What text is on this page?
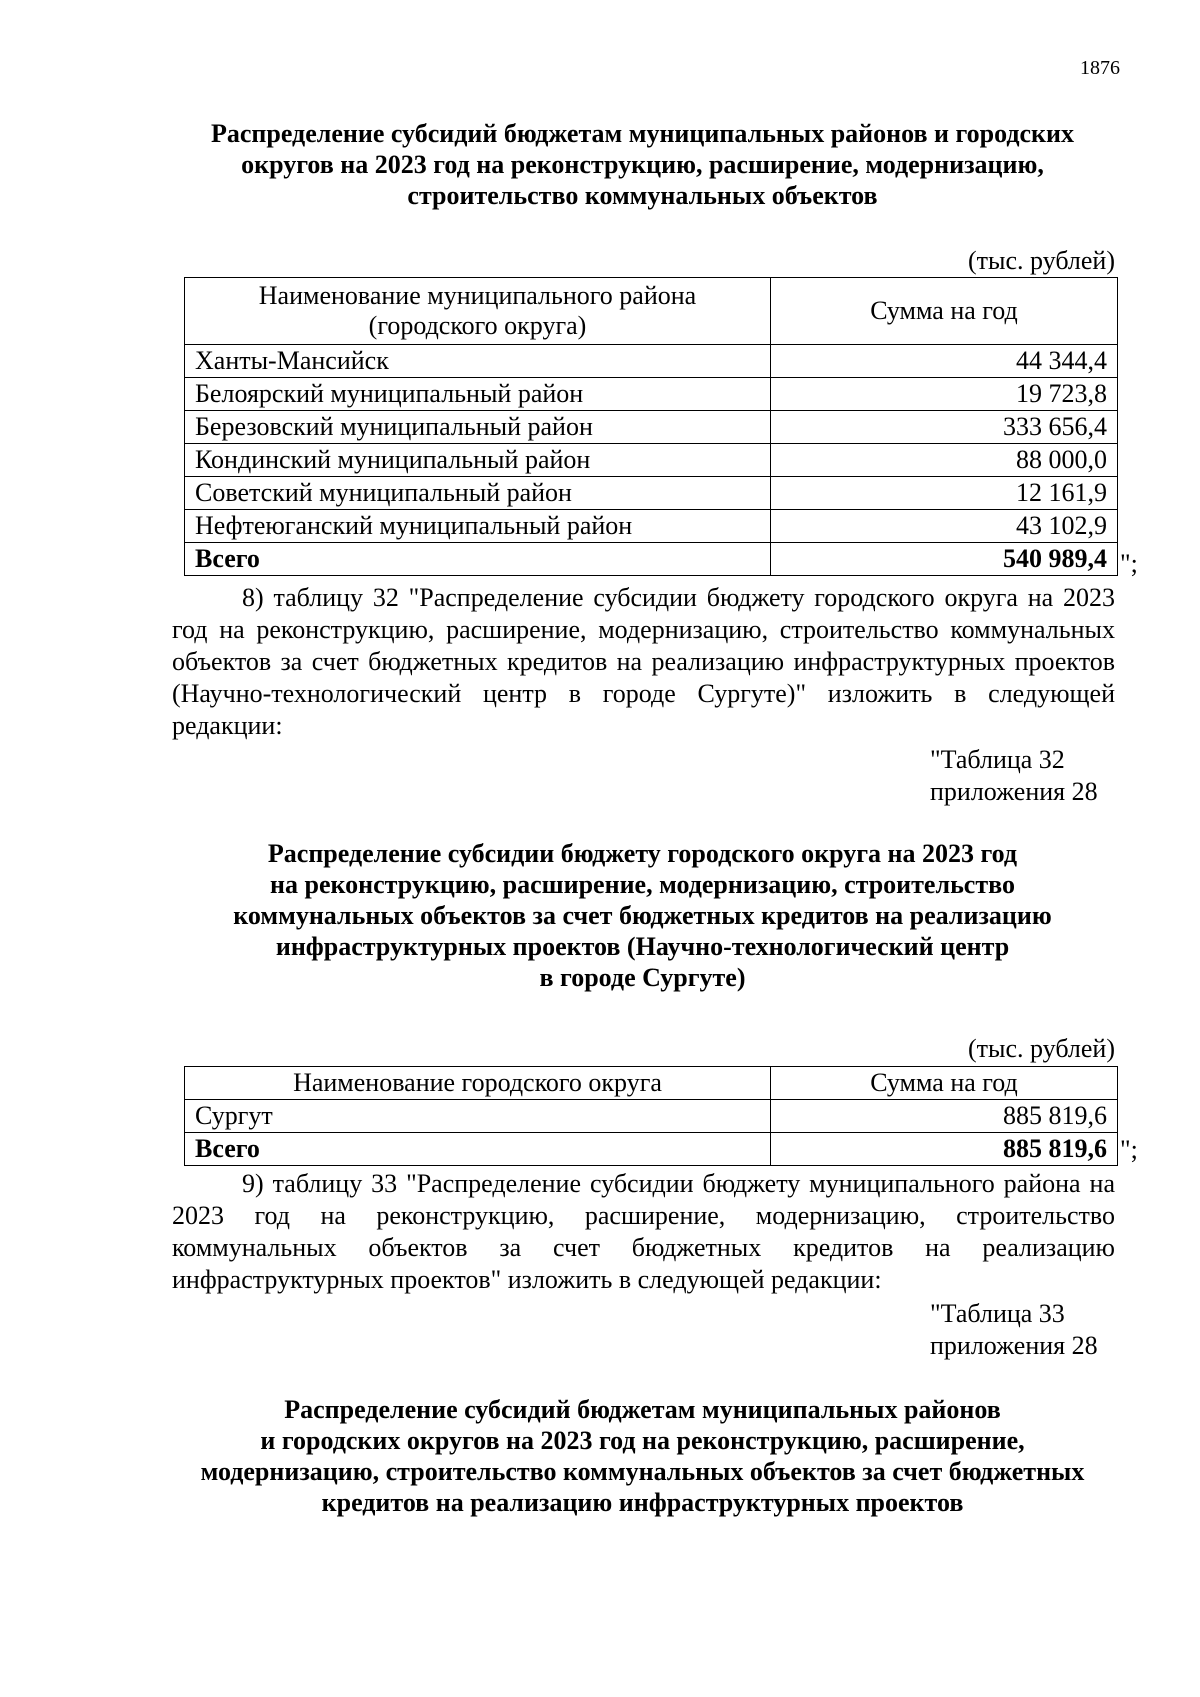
1876
Распределение субсидий бюджетам муниципальных районов и городских
округов на 2023 год на реконструкцию, расширение, модернизацию,
строительство коммунальных объектов
(тыс. рублей)
Наименование муниципального района
(городского округа)	Сумма на год
Ханты-Мансийск	44 344,4
Белоярский муниципальный район	19 723,8
Березовский муниципальный район	333 656,4
Кондинский муниципальный район	88 000,0
Советский муниципальный район	12 161,9
Нефтеюганский муниципальный район	43 102,9
Всего	540 989,4 ";
8) таблицу 32 "Распределение субсидии бюджету городского округа на 2023 год на реконструкцию, расширение, модернизацию, строительство коммунальных объектов за счет бюджетных кредитов на реализацию инфраструктурных проектов (Научно-технологический центр в городе Сургуте)" изложить в следующей редакции:
"Таблица 32
приложения 28
Распределение субсидии бюджету городского округа на 2023 год
на реконструкцию, расширение, модернизацию, строительство
коммунальных объектов за счет бюджетных кредитов на реализацию
инфраструктурных проектов (Научно-технологический центр
в городе Сургуте)
(тыс. рублей)
Наименование городского округа	Сумма на год
Сургут	885 819,6
Всего	885 819,6 ";
9) таблицу 33 "Распределение субсидии бюджету муниципального района на 2023 год на реконструкцию, расширение, модернизацию, строительство коммунальных объектов за счет бюджетных кредитов на реализацию инфраструктурных проектов" изложить в следующей редакции:
"Таблица 33
приложения 28
Распределение субсидий бюджетам муниципальных районов
и городских округов на 2023 год на реконструкцию, расширение,
модернизацию, строительство коммунальных объектов за счет бюджетных
кредитов на реализацию инфраструктурных проектов
